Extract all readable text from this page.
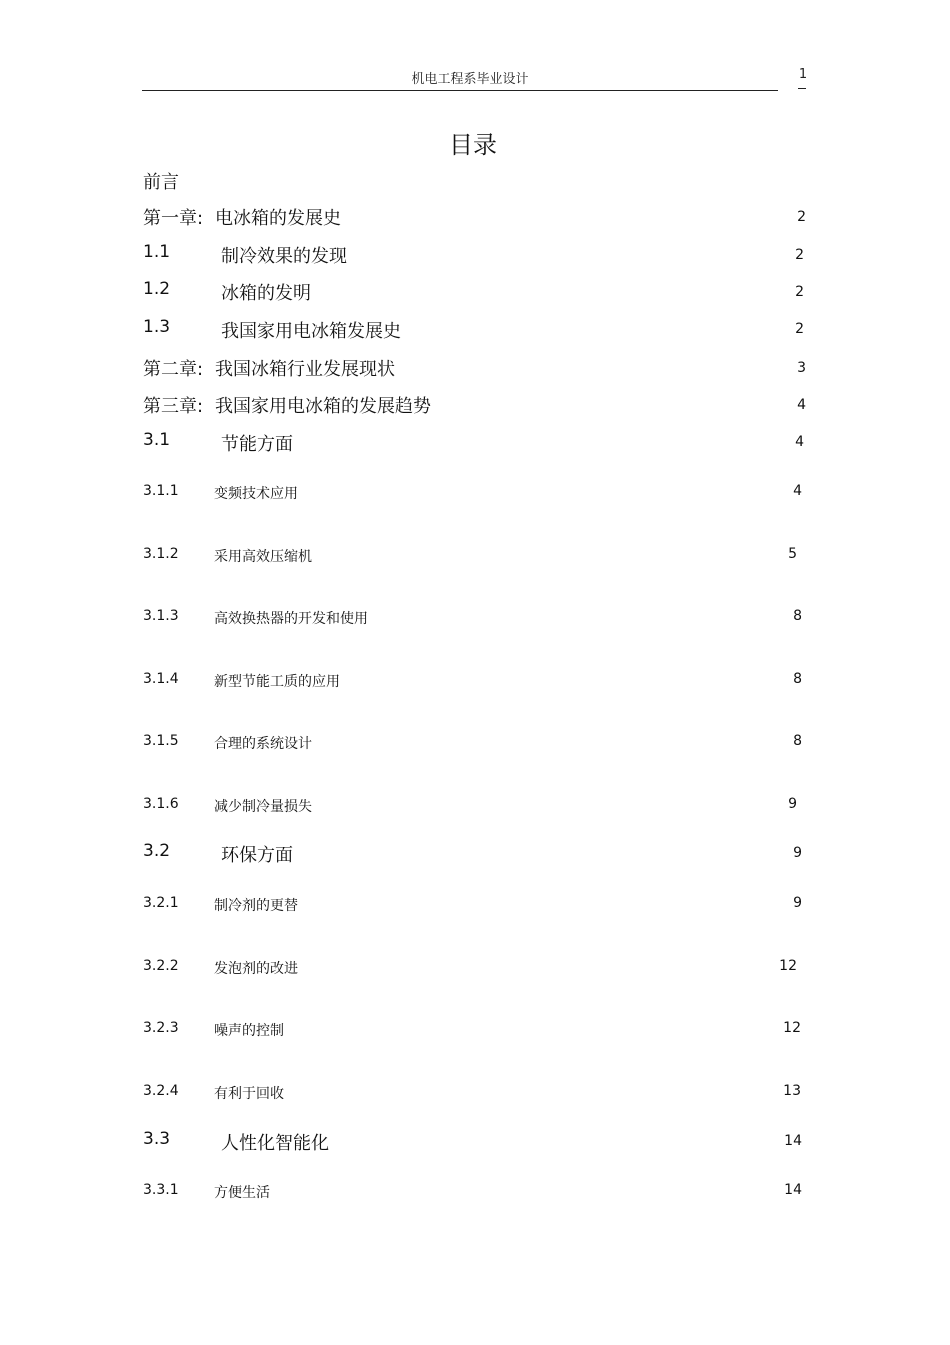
机电工程系毕业设计	1
目录
前言
第一章: 电冰箱的发展史	2
1.1	制冷效果的发现	2
1.2	冰箱的发明	2
1.3	我国家用电冰箱发展史	2
第二章: 我国冰箱行业发展现状	3
第三章: 我国家用电冰箱的发展趋势	4
3.1	节能方面	4
3.1.1	变频技术应用	4
3.1.2	采用高效压缩机	5
3.1.3	高效换热器的开发和使用	8
3.1.4	新型节能工质的应用	8
3.1.5	合理的系统设计	8
3.1.6	减少制冷量损失	9
3.2	环保方面	9
3.2.1	制冷剂的更替	9
3.2.2	发泡剂的改进	12
3.2.3	噪声的控制	12
3.2.4	有利于回收	13
3.3	人性化智能化	14
3.3.1	方便生活	14
